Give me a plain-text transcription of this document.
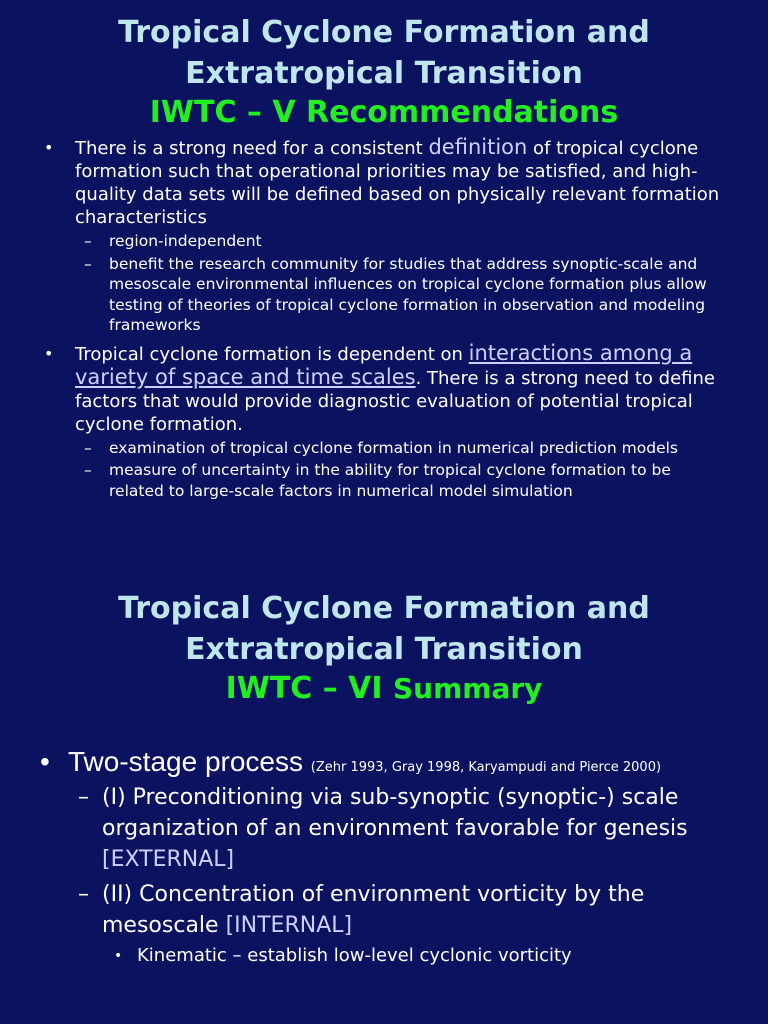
Tropical Cyclone Formation and
Extratropical Transition
IWTC – V Recommendations
• There is a strong need for a consistent definition of tropical cyclone formation such that operational priorities may be satisfied, and high-quality data sets will be defined based on physically relevant formation characteristics
– region-independent
– benefit the research community for studies that address synoptic-scale and mesoscale environmental influences on tropical cyclone formation plus allow testing of theories of tropical cyclone formation in observation and modeling frameworks
• Tropical cyclone formation is dependent on interactions among a variety of space and time scales. There is a strong need to define factors that would provide diagnostic evaluation of potential tropical cyclone formation.
– examination of tropical cyclone formation in numerical prediction models
– measure of uncertainty in the ability for tropical cyclone formation to be related to large-scale factors in numerical model simulation
Tropical Cyclone Formation and
Extratropical Transition
IWTC – VI Summary
• Two-stage process (Zehr 1993, Gray 1998, Karyampudi and Pierce 2000)
– (I) Preconditioning via sub-synoptic (synoptic-) scale organization of an environment favorable for genesis [EXTERNAL]
– (II) Concentration of environment vorticity by the mesoscale [INTERNAL]
• Kinematic – establish low-level cyclonic vorticity
